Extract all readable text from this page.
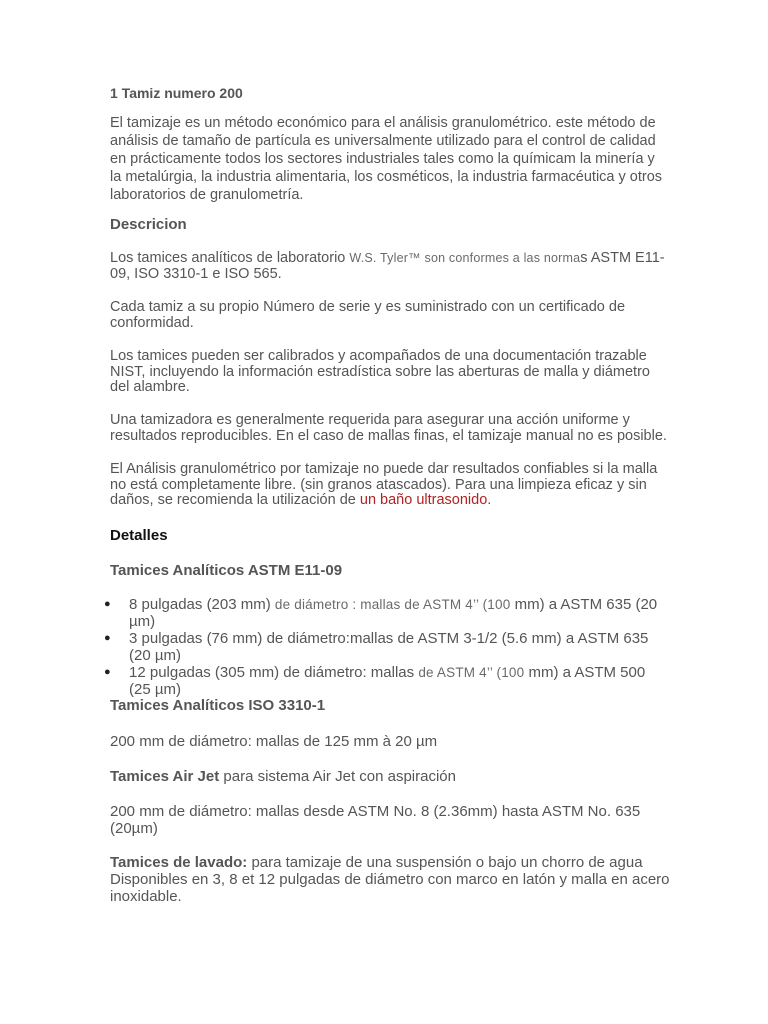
1 Tamiz numero 200
El tamizaje es un método económico para el análisis granulométrico. este método de análisis de tamaño de partícula es universalmente utilizado para el control de calidad en prácticamente todos los sectores industriales tales como la químicam la minería y la metalúrgia, la industria alimentaria, los cosméticos, la industria farmacéutica y otros laboratorios de granulometría.
Descricion
Los tamices analíticos de laboratorio W.S. Tyler™ son conformes a las normas ASTM E11-09, ISO 3310-1 e ISO 565.
Cada tamiz a su propio Número de serie y es suministrado con un certificado de conformidad.
Los tamices pueden ser calibrados y acompañados de una documentación trazable NIST, incluyendo la información estradística sobre las aberturas de malla y diámetro del alambre.
Una tamizadora es generalmente requerida para asegurar una acción uniforme y resultados reproducibles. En el caso de mallas finas, el tamizaje manual no es posible.
El Análisis granulométrico por tamizaje no puede dar resultados confiables si la malla no está completamente libre. (sin granos atascados). Para una limpieza eficaz y sin daños, se recomienda la utilización de un baño ultrasonido.
Detalles
Tamices Analíticos ASTM E11-09
● 8 pulgadas (203 mm) de diámetro : mallas de ASTM 4’’ (100 mm) a ASTM 635 (20 µm)
● 3 pulgadas (76 mm) de diámetro:mallas de ASTM 3-1/2 (5.6 mm) a ASTM 635 (20 µm)
● 12 pulgadas (305 mm) de diámetro: mallas de ASTM 4’’ (100 mm) a ASTM 500 (25 µm)
Tamices Analíticos ISO 3310-1
200 mm de diámetro: mallas de 125 mm à 20 µm
Tamices Air Jet para sistema Air Jet con aspiración
200 mm de diámetro: mallas desde ASTM No. 8 (2.36mm) hasta ASTM No. 635 (20µm)
Tamices de lavado: para tamizaje de una suspensión o bajo un chorro de agua Disponibles en 3, 8 et 12 pulgadas de diámetro con marco en latón y malla en acero inoxidable.
